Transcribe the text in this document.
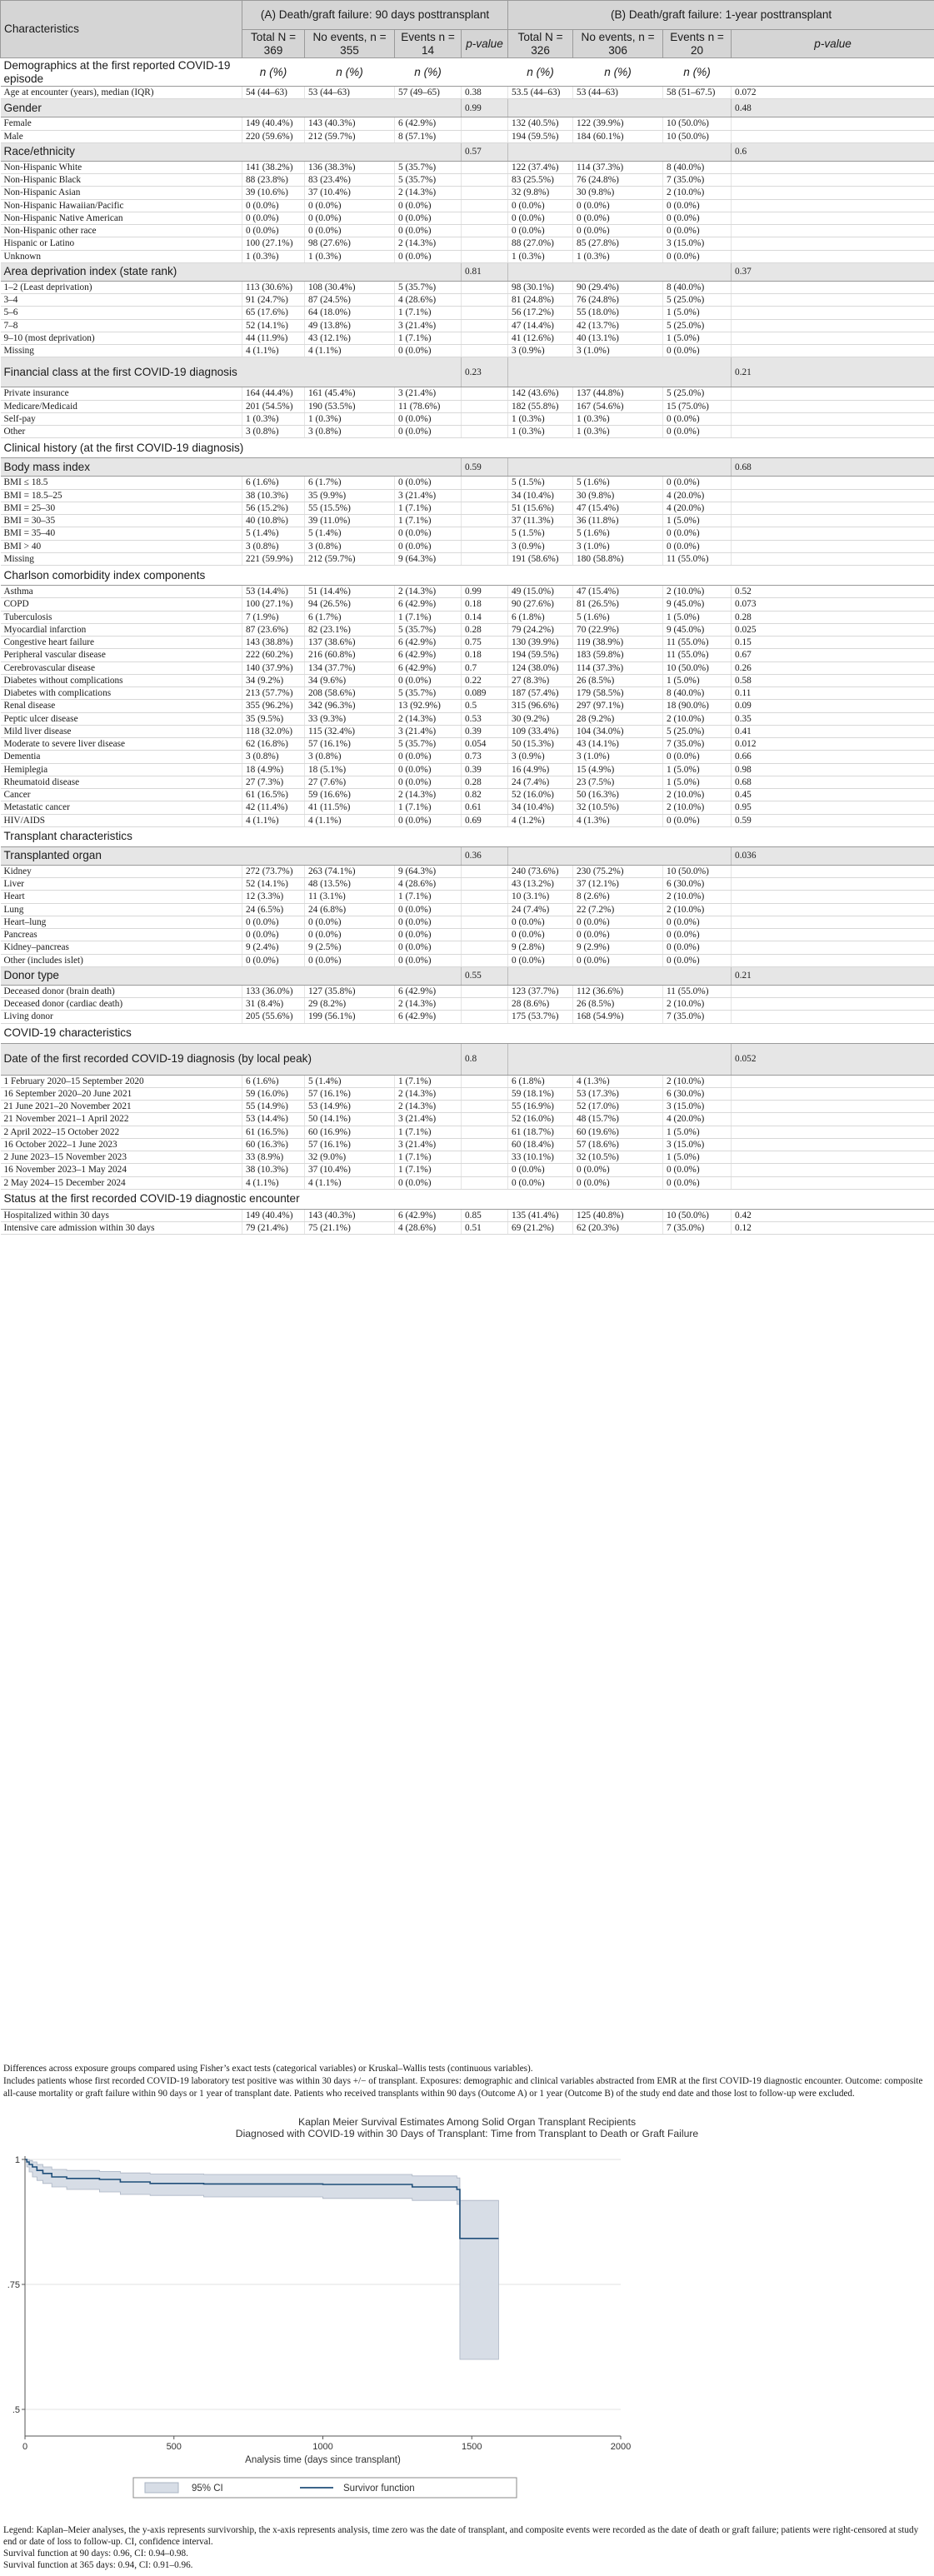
Characteristics	(A) Death/graft failure: 90 days posttransplant				(B) Death/graft failure: 1-year posttransplant			
	Total N = 369	No events, n = 355	Events n = 14	p-value	Total N = 326	No events, n = 306	Events n = 20	p-value
Demographics at the first reported COVID-19 episode	n (%)	n (%)	n (%)		n (%)	n (%)	n (%)	
Age at encounter (years), median (IQR)	54 (44–63)	53 (44–63)	57 (49–65)	0.38	53.5 (44–63)	53 (44–63)	58 (51–67.5)	0.072
Gender				0.99				0.48
Female	149 (40.4%)	143 (40.3%)	6 (42.9%)		132 (40.5%)	122 (39.9%)	10 (50.0%)	
Male	220 (59.6%)	212 (59.7%)	8 (57.1%)		194 (59.5%)	184 (60.1%)	10 (50.0%)	
Race/ethnicity				0.57				0.6
Non-Hispanic White	141 (38.2%)	136 (38.3%)	5 (35.7%)		122 (37.4%)	114 (37.3%)	8 (40.0%)	
Non-Hispanic Black	88 (23.8%)	83 (23.4%)	5 (35.7%)		83 (25.5%)	76 (24.8%)	7 (35.0%)	
Non-Hispanic Asian	39 (10.6%)	37 (10.4%)	2 (14.3%)		32 (9.8%)	30 (9.8%)	2 (10.0%)	
Non-Hispanic Hawaiian/Pacific	0 (0.0%)	0 (0.0%)	0 (0.0%)		0 (0.0%)	0 (0.0%)	0 (0.0%)	
Non-Hispanic Native American	0 (0.0%)	0 (0.0%)	0 (0.0%)		0 (0.0%)	0 (0.0%)	0 (0.0%)	
Non-Hispanic other race	0 (0.0%)	0 (0.0%)	0 (0.0%)		0 (0.0%)	0 (0.0%)	0 (0.0%)	
Hispanic or Latino	100 (27.1%)	98 (27.6%)	2 (14.3%)		88 (27.0%)	85 (27.8%)	3 (15.0%)	
Unknown	1 (0.3%)	1 (0.3%)	0 (0.0%)		1 (0.3%)	1 (0.3%)	0 (0.0%)	
Area deprivation index (state rank)				0.81				0.37
1–2 (Least deprivation)	113 (30.6%)	108 (30.4%)	5 (35.7%)		98 (30.1%)	90 (29.4%)	8 (40.0%)	
3–4	91 (24.7%)	87 (24.5%)	4 (28.6%)		81 (24.8%)	76 (24.8%)	5 (25.0%)	
5–6	65 (17.6%)	64 (18.0%)	1 (7.1%)		56 (17.2%)	55 (18.0%)	1 (5.0%)	
7–8	52 (14.1%)	49 (13.8%)	3 (21.4%)		47 (14.4%)	42 (13.7%)	5 (25.0%)	
9–10 (most deprivation)	44 (11.9%)	43 (12.1%)	1 (7.1%)		41 (12.6%)	40 (13.1%)	1 (5.0%)	
Missing	4 (1.1%)	4 (1.1%)	0 (0.0%)		3 (0.9%)	3 (1.0%)	0 (0.0%)	
Financial class at the first COVID-19 diagnosis				0.23				0.21
Private insurance	164 (44.4%)	161 (45.4%)	3 (21.4%)		142 (43.6%)	137 (44.8%)	5 (25.0%)	
Medicare/Medicaid	201 (54.5%)	190 (53.5%)	11 (78.6%)		182 (55.8%)	167 (54.6%)	15 (75.0%)	
Self-pay	1 (0.3%)	1 (0.3%)	0 (0.0%)		1 (0.3%)	1 (0.3%)	0 (0.0%)	
Other	3 (0.8%)	3 (0.8%)	0 (0.0%)		1 (0.3%)	1 (0.3%)	0 (0.0%)	
Clinical history (at the first COVID-19 diagnosis)								
Body mass index				0.59				0.68
BMI ≤ 18.5	6 (1.6%)	6 (1.7%)	0 (0.0%)		5 (1.5%)	5 (1.6%)	0 (0.0%)	
BMI = 18.5–25	38 (10.3%)	35 (9.9%)	3 (21.4%)		34 (10.4%)	30 (9.8%)	4 (20.0%)	
BMI = 25–30	56 (15.2%)	55 (15.5%)	1 (7.1%)		51 (15.6%)	47 (15.4%)	4 (20.0%)	
BMI = 30–35	40 (10.8%)	39 (11.0%)	1 (7.1%)		37 (11.3%)	36 (11.8%)	1 (5.0%)	
BMI = 35–40	5 (1.4%)	5 (1.4%)	0 (0.0%)		5 (1.5%)	5 (1.6%)	0 (0.0%)	
BMI > 40	3 (0.8%)	3 (0.8%)	0 (0.0%)		3 (0.9%)	3 (1.0%)	0 (0.0%)	
Missing	221 (59.9%)	212 (59.7%)	9 (64.3%)		191 (58.6%)	180 (58.8%)	11 (55.0%)	
Charlson comorbidity index components								
Asthma	53 (14.4%)	51 (14.4%)	2 (14.3%)	0.99	49 (15.0%)	47 (15.4%)	2 (10.0%)	0.52
COPD	100 (27.1%)	94 (26.5%)	6 (42.9%)	0.18	90 (27.6%)	81 (26.5%)	9 (45.0%)	0.073
Tuberculosis	7 (1.9%)	6 (1.7%)	1 (7.1%)	0.14	6 (1.8%)	5 (1.6%)	1 (5.0%)	0.28
Myocardial infarction	87 (23.6%)	82 (23.1%)	5 (35.7%)	0.28	79 (24.2%)	70 (22.9%)	9 (45.0%)	0.025
Congestive heart failure	143 (38.8%)	137 (38.6%)	6 (42.9%)	0.75	130 (39.9%)	119 (38.9%)	11 (55.0%)	0.15
Peripheral vascular disease	222 (60.2%)	216 (60.8%)	6 (42.9%)	0.18	194 (59.5%)	183 (59.8%)	11 (55.0%)	0.67
Cerebrovascular disease	140 (37.9%)	134 (37.7%)	6 (42.9%)	0.7	124 (38.0%)	114 (37.3%)	10 (50.0%)	0.26
Diabetes without complications	34 (9.2%)	34 (9.6%)	0 (0.0%)	0.22	27 (8.3%)	26 (8.5%)	1 (5.0%)	0.58
Diabetes with complications	213 (57.7%)	208 (58.6%)	5 (35.7%)	0.089	187 (57.4%)	179 (58.5%)	8 (40.0%)	0.11
Renal disease	355 (96.2%)	342 (96.3%)	13 (92.9%)	0.5	315 (96.6%)	297 (97.1%)	18 (90.0%)	0.09
Peptic ulcer disease	35 (9.5%)	33 (9.3%)	2 (14.3%)	0.53	30 (9.2%)	28 (9.2%)	2 (10.0%)	0.35
Mild liver disease	118 (32.0%)	115 (32.4%)	3 (21.4%)	0.39	109 (33.4%)	104 (34.0%)	5 (25.0%)	0.41
Moderate to severe liver disease	62 (16.8%)	57 (16.1%)	5 (35.7%)	0.054	50 (15.3%)	43 (14.1%)	7 (35.0%)	0.012
Dementia	3 (0.8%)	3 (0.8%)	0 (0.0%)	0.73	3 (0.9%)	3 (1.0%)	0 (0.0%)	0.66
Hemiplegia	18 (4.9%)	18 (5.1%)	0 (0.0%)	0.39	16 (4.9%)	15 (4.9%)	1 (5.0%)	0.98
Rheumatoid disease	27 (7.3%)	27 (7.6%)	0 (0.0%)	0.28	24 (7.4%)	23 (7.5%)	1 (5.0%)	0.68
Cancer	61 (16.5%)	59 (16.6%)	2 (14.3%)	0.82	52 (16.0%)	50 (16.3%)	2 (10.0%)	0.45
Metastatic cancer	42 (11.4%)	41 (11.5%)	1 (7.1%)	0.61	34 (10.4%)	32 (10.5%)	2 (10.0%)	0.95
HIV/AIDS	4 (1.1%)	4 (1.1%)	0 (0.0%)	0.69	4 (1.2%)	4 (1.3%)	0 (0.0%)	0.59
Transplant characteristics								
Transplanted organ				0.36				0.036
Kidney	272 (73.7%)	263 (74.1%)	9 (64.3%)		240 (73.6%)	230 (75.2%)	10 (50.0%)	
Liver	52 (14.1%)	48 (13.5%)	4 (28.6%)		43 (13.2%)	37 (12.1%)	6 (30.0%)	
Heart	12 (3.3%)	11 (3.1%)	1 (7.1%)		10 (3.1%)	8 (2.6%)	2 (10.0%)	
Lung	24 (6.5%)	24 (6.8%)	0 (0.0%)		24 (7.4%)	22 (7.2%)	2 (10.0%)	
Heart–lung	0 (0.0%)	0 (0.0%)	0 (0.0%)		0 (0.0%)	0 (0.0%)	0 (0.0%)	
Pancreas	0 (0.0%)	0 (0.0%)	0 (0.0%)		0 (0.0%)	0 (0.0%)	0 (0.0%)	
Kidney–pancreas	9 (2.4%)	9 (2.5%)	0 (0.0%)		9 (2.8%)	9 (2.9%)	0 (0.0%)	
Other (includes islet)	0 (0.0%)	0 (0.0%)	0 (0.0%)		0 (0.0%)	0 (0.0%)	0 (0.0%)	
Donor type				0.55				0.21
Deceased donor (brain death)	133 (36.0%)	127 (35.8%)	6 (42.9%)		123 (37.7%)	112 (36.6%)	11 (55.0%)	
Deceased donor (cardiac death)	31 (8.4%)	29 (8.2%)	2 (14.3%)		28 (8.6%)	26 (8.5%)	2 (10.0%)	
Living donor	205 (55.6%)	199 (56.1%)	6 (42.9%)		175 (53.7%)	168 (54.9%)	7 (35.0%)	
COVID-19 characteristics								
Date of the first recorded COVID-19 diagnosis (by local peak)				0.8				0.052
1 February 2020–15 September 2020	6 (1.6%)	5 (1.4%)	1 (7.1%)		6 (1.8%)	4 (1.3%)	2 (10.0%)	
16 September 2020–20 June 2021	59 (16.0%)	57 (16.1%)	2 (14.3%)		59 (18.1%)	53 (17.3%)	6 (30.0%)	
21 June 2021–20 November 2021	55 (14.9%)	53 (14.9%)	2 (14.3%)		55 (16.9%)	52 (17.0%)	3 (15.0%)	
21 November 2021–1 April 2022	53 (14.4%)	50 (14.1%)	3 (21.4%)		52 (16.0%)	48 (15.7%)	4 (20.0%)	
2 April 2022–15 October 2022	61 (16.5%)	60 (16.9%)	1 (7.1%)		61 (18.7%)	60 (19.6%)	1 (5.0%)	
16 October 2022–1 June 2023	60 (16.3%)	57 (16.1%)	3 (21.4%)		60 (18.4%)	57 (18.6%)	3 (15.0%)	
2 June 2023–15 November 2023	33 (8.9%)	32 (9.0%)	1 (7.1%)		33 (10.1%)	32 (10.5%)	1 (5.0%)	
16 November 2023–1 May 2024	38 (10.3%)	37 (10.4%)	1 (7.1%)		0 (0.0%)	0 (0.0%)	0 (0.0%)	
2 May 2024–15 December 2024	4 (1.1%)	4 (1.1%)	0 (0.0%)		0 (0.0%)	0 (0.0%)	0 (0.0%)	
Status at the first recorded COVID-19 diagnostic encounter								
Hospitalized within 30 days	149 (40.4%)	143 (40.3%)	6 (42.9%)	0.85	135 (41.4%)	125 (40.8%)	10 (50.0%)	0.42
Intensive care admission within 30 days	79 (21.4%)	75 (21.1%)	4 (28.6%)	0.51	69 (21.2%)	62 (20.3%)	7 (35.0%)	0.12
Differences across exposure groups compared using Fisher’s exact tests (categorical variables) or Kruskal–Wallis tests (continuous variables).
Includes patients whose first recorded COVID-19 laboratory test positive was within 30 days +/− of transplant. Exposures: demographic and clinical variables abstracted from EMR at the first COVID-19 diagnostic encounter. Outcome: composite all-cause mortality or graft failure within 90 days or 1 year of transplant date. Patients who received transplants within 90 days (Outcome A) or 1 year (Outcome B) of the study end date and those lost to follow-up were excluded.
Kaplan Meier Survival Estimates Among Solid Organ Transplant Recipients
Diagnosed with COVID-19 within 30 Days of Transplant: Time from Transplant to Death or Graft Failure
.5
.75
1
0	500	1000	1500	2000
Analysis time (days since transplant)
95% CI	Survivor function
Legend: Kaplan–Meier analyses, the y-axis represents survivorship, the x-axis represents analysis, time zero was the date of transplant, and composite events were recorded as the date of death or graft failure; patients were right-censored at study end or date of loss to follow-up. CI, confidence interval.
Survival function at 90 days: 0.96, CI: 0.94–0.98.
Survival function at 365 days: 0.94, CI: 0.91–0.96.
